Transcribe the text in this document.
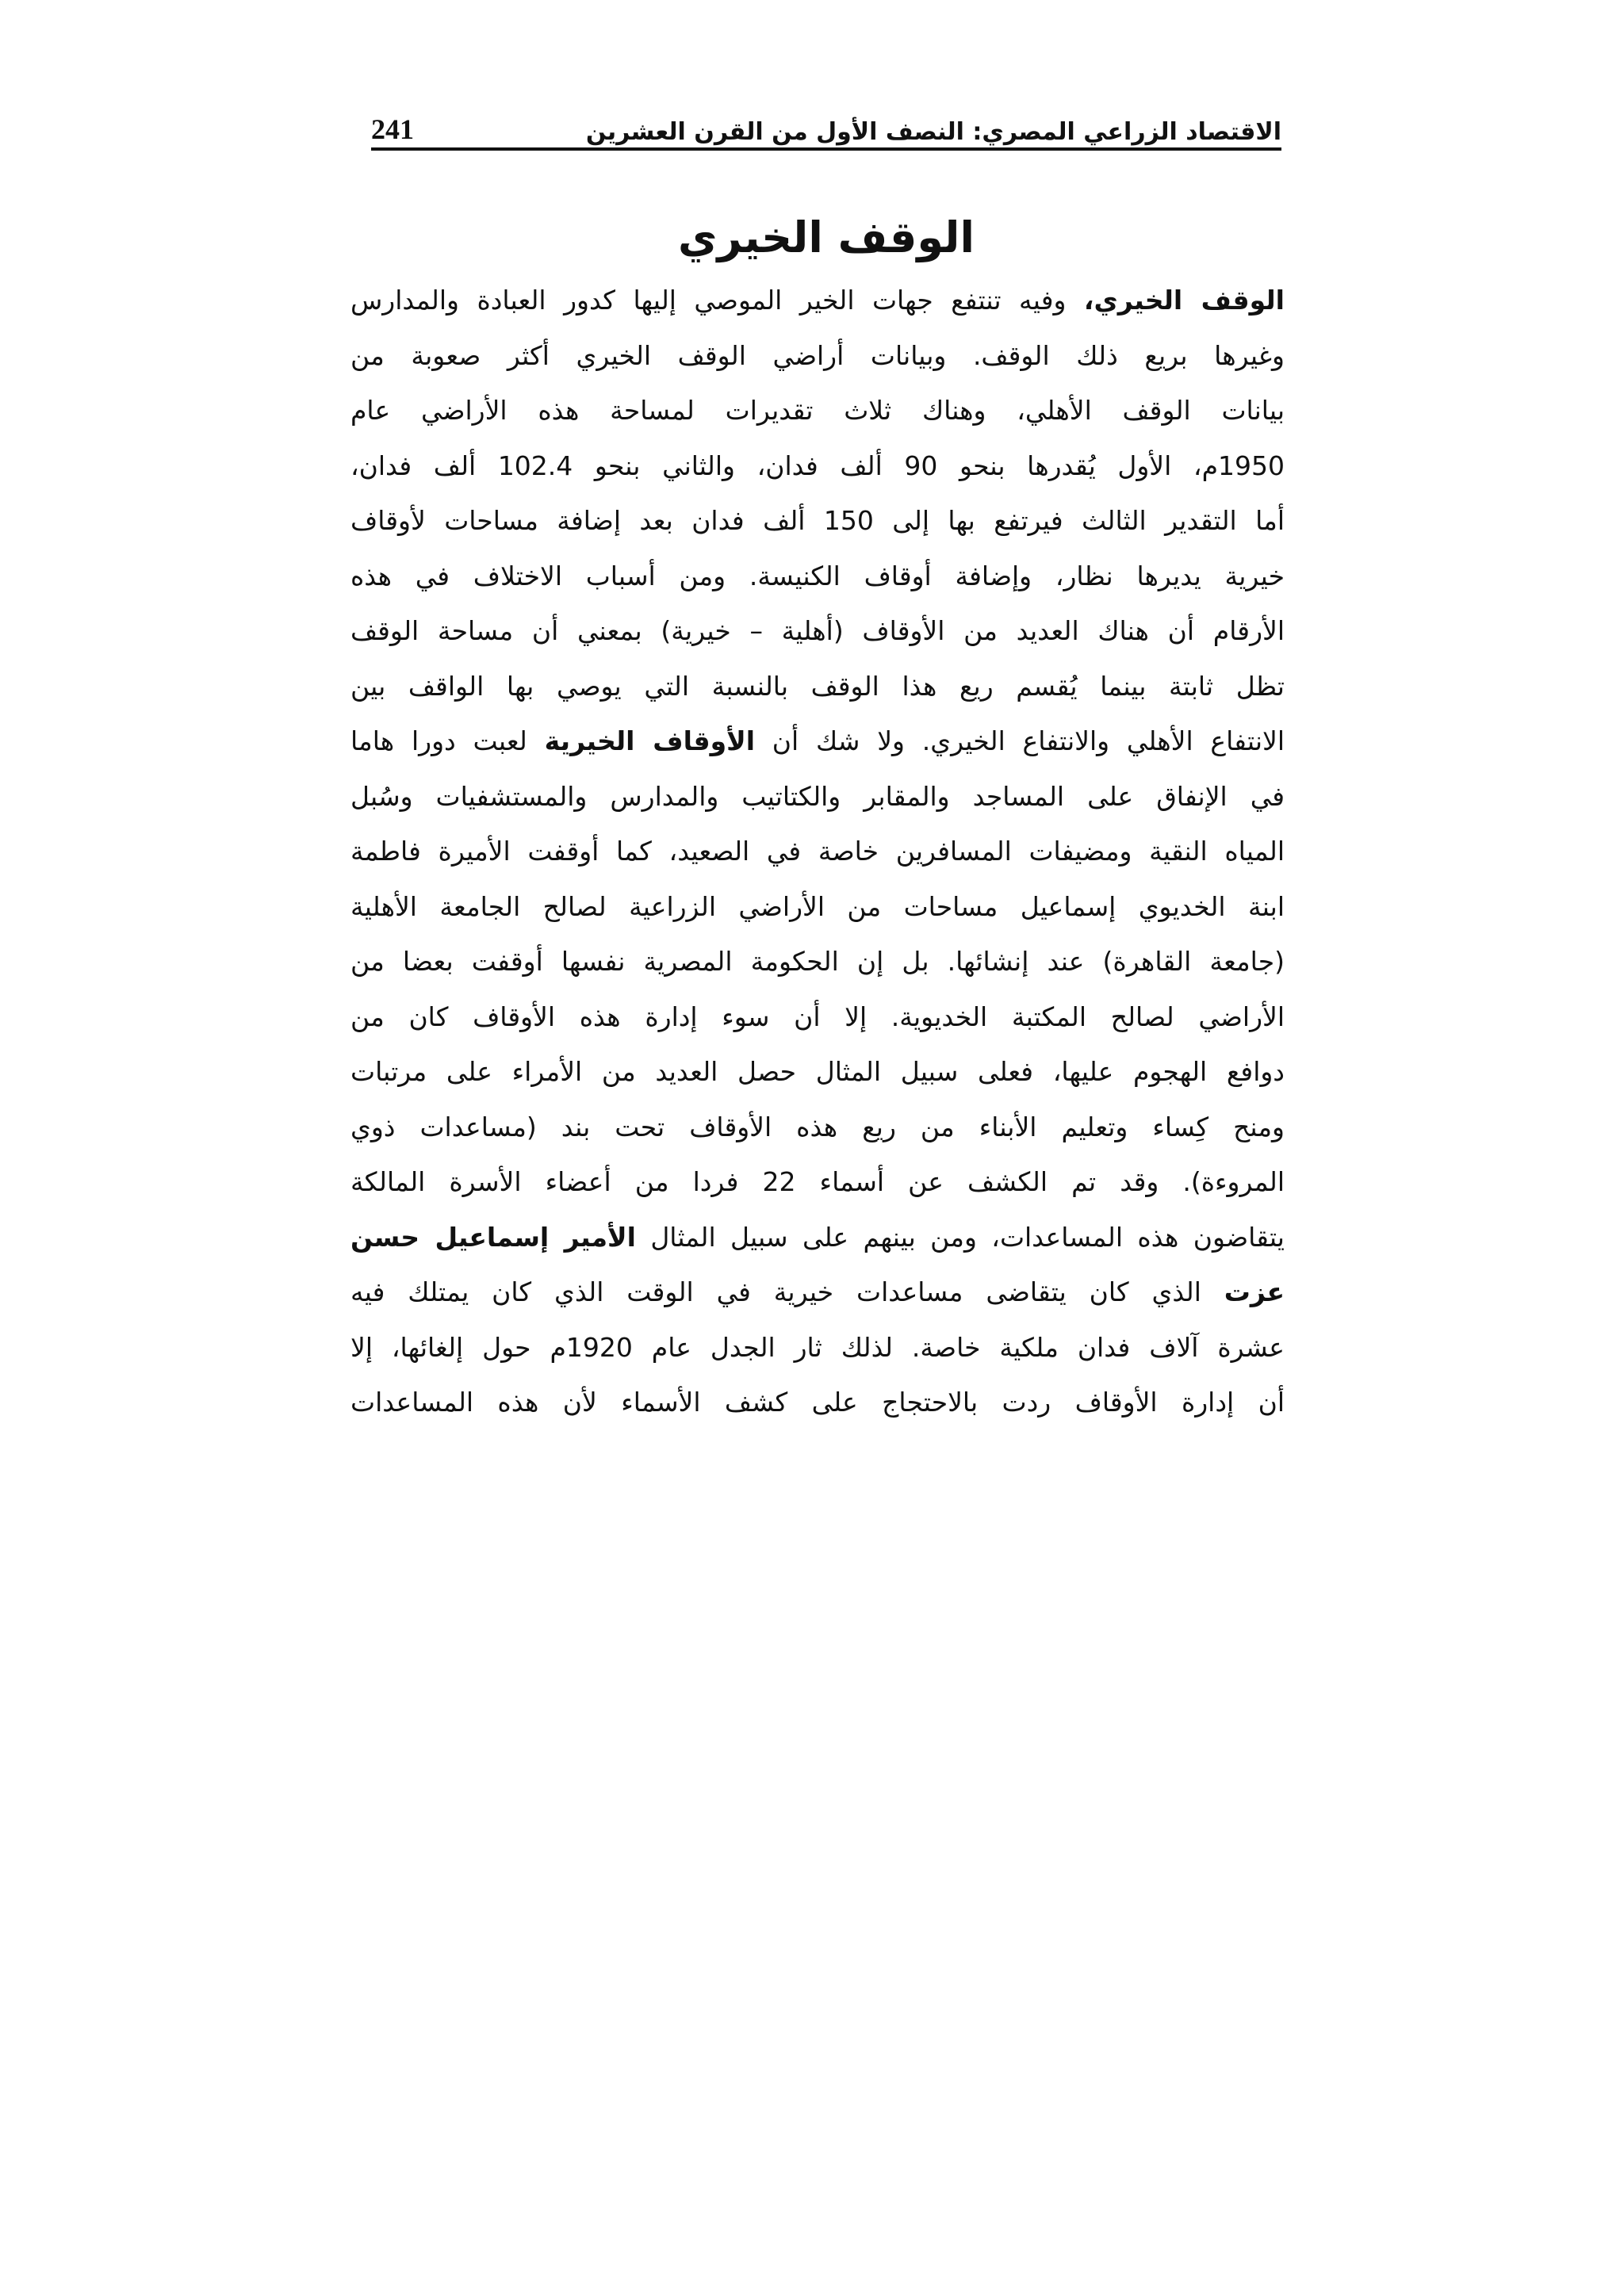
241	الاقتصاد الزراعي المصري: النصف الأول من القرن العشرين
الوقف الخيري
الوقف الخيري، وفيه تنتفع جهات الخير الموصي إليها كدور العبادة والمدارس
وغيرها بريع ذلك الوقف. وبيانات أراضي الوقف الخيري أكثر صعوبة من
بيانات الوقف الأهلي، وهناك ثلاث تقديرات لمساحة هذه الأراضي عام
1950م، الأول يُقدرها بنحو 90 ألف فدان، والثاني بنحو 102.4 ألف فدان،
أما التقدير الثالث فيرتفع بها إلى 150 ألف فدان بعد إضافة مساحات لأوقاف
خيرية يديرها نظار، وإضافة أوقاف الكنيسة. ومن أسباب الاختلاف في هذه
الأرقام أن هناك العديد من الأوقاف (أهلية – خيرية) بمعني أن مساحة الوقف
تظل ثابتة بينما يُقسم ريع هذا الوقف بالنسبة التي يوصي بها الواقف بين
الانتفاع الأهلي والانتفاع الخيري. ولا شك أن الأوقاف الخيرية لعبت دورا هاما
في الإنفاق على المساجد والمقابر والكتاتيب والمدارس والمستشفيات وسُبل
المياه النقية ومضيفات المسافرين خاصة في الصعيد، كما أوقفت الأميرة فاطمة
ابنة الخديوي إسماعيل مساحات من الأراضي الزراعية لصالح الجامعة الأهلية
(جامعة القاهرة) عند إنشائها. بل إن الحكومة المصرية نفسها أوقفت بعضا من
الأراضي لصالح المكتبة الخديوية. إلا أن سوء إدارة هذه الأوقاف كان من
دوافع الهجوم عليها، فعلى سبيل المثال حصل العديد من الأمراء على مرتبات
ومنح كِساء وتعليم الأبناء من ريع هذه الأوقاف تحت بند (مساعدات ذوي
المروءة). وقد تم الكشف عن أسماء 22 فردا من أعضاء الأسرة المالكة
يتقاضون هذه المساعدات، ومن بينهم على سبيل المثال الأمير إسماعيل حسن
عزت الذي كان يتقاضى مساعدات خيرية في الوقت الذي كان يمتلك فيه
عشرة آلاف فدان ملكية خاصة. لذلك ثار الجدل عام 1920م حول إلغائها، إلا
أن إدارة الأوقاف ردت بالاحتجاج على كشف الأسماء لأن هذه المساعدات
